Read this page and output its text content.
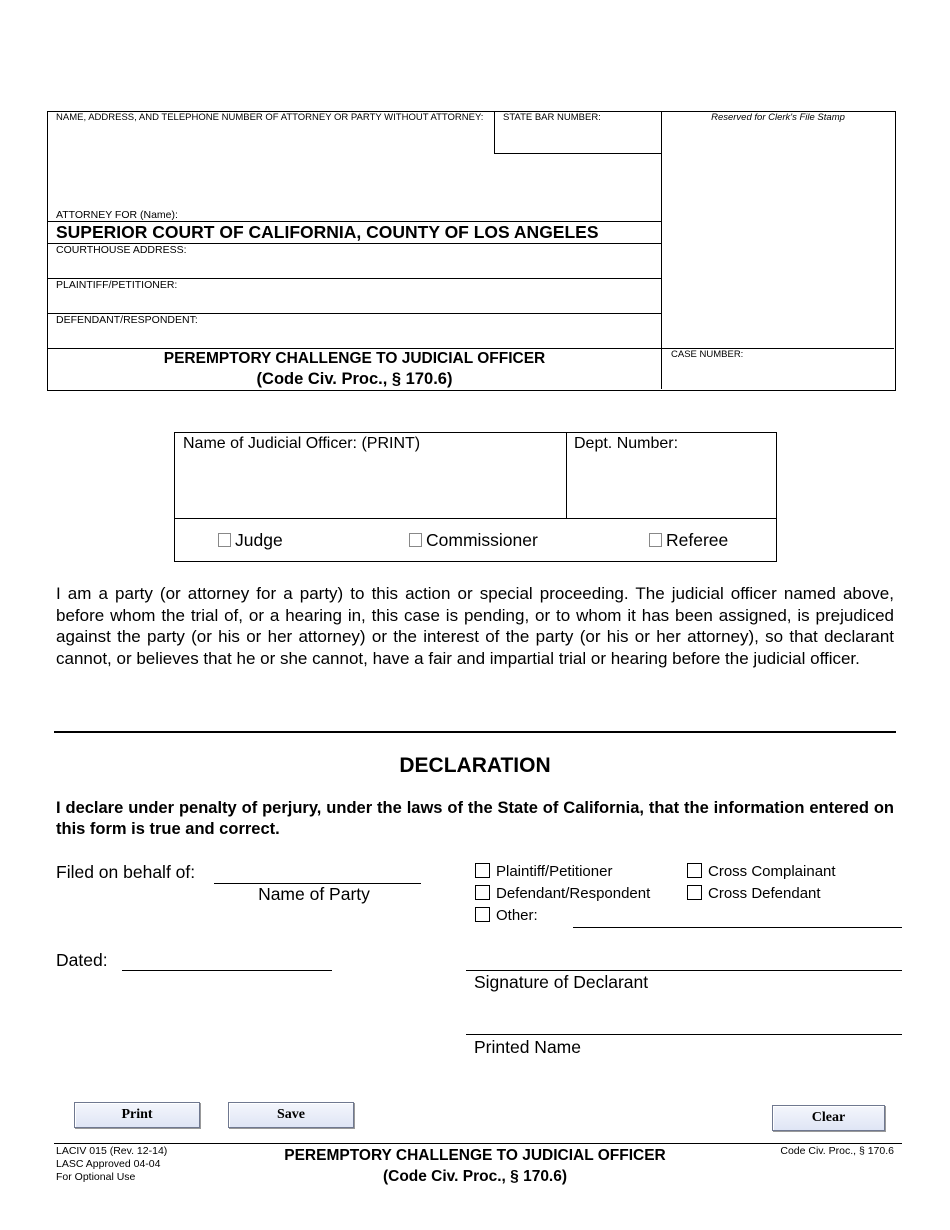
NAME, ADDRESS, AND TELEPHONE NUMBER OF ATTORNEY OR PARTY WITHOUT ATTORNEY: STATE BAR NUMBER:	Reserved for Clerk's File Stamp
ATTORNEY FOR (Name):
SUPERIOR COURT OF CALIFORNIA, COUNTY OF LOS ANGELES
COURTHOUSE ADDRESS:
PLAINTIFF/PETITIONER:
DEFENDANT/RESPONDENT:
PEREMPTORY CHALLENGE TO JUDICIAL OFFICER
(Code Civ. Proc., § 170.6)
CASE NUMBER:
Name of Judicial Officer: (PRINT)	Dept. Number:
Judge	Commissioner	Referee
I am a party (or attorney for a party) to this action or special proceeding. The judicial officer named above, before whom the trial of, or a hearing in, this case is pending, or to whom it has been assigned, is prejudiced against the party (or his or her attorney) or the interest of the party (or his or her attorney), so that declarant cannot, or believes that he or she cannot, have a fair and impartial trial or hearing before the judicial officer.
DECLARATION
I declare under penalty of perjury, under the laws of the State of California, that the information entered on this form is true and correct.
Filed on behalf of:
Name of Party
Plaintiff/Petitioner	Cross Complainant
Defendant/Respondent	Cross Defendant
Other:
Dated:
Signature of Declarant
Printed Name
Print	Save	Clear
LACIV 015 (Rev. 12-14)
LASC Approved 04-04
For Optional Use
PEREMPTORY CHALLENGE TO JUDICIAL OFFICER
(Code Civ. Proc., § 170.6)
Code Civ. Proc., § 170.6
